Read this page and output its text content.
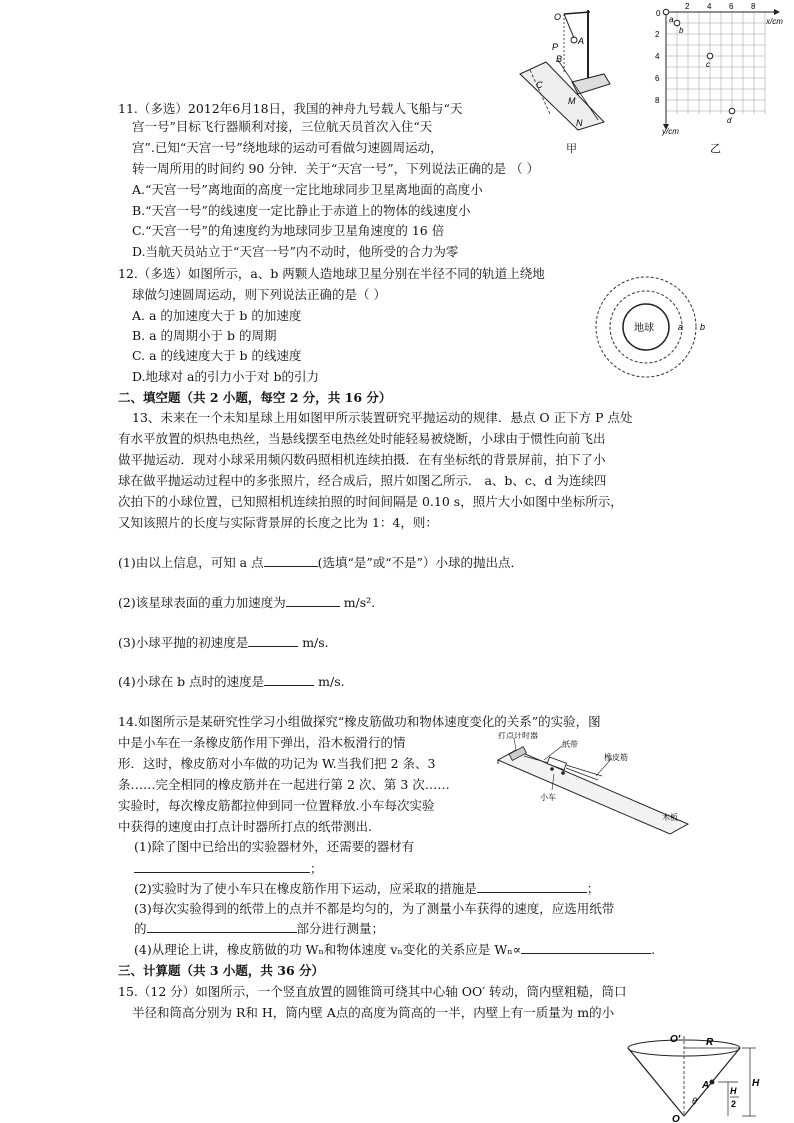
O
P
A
B
C
M
N
0
2 4 6 8
x/cm
2
4
6
8
y/cm
a
b
c
d
甲	乙
11.（多选）2012年6月18日，我国的神舟九号载人飞船与“天
宫一号”目标飞行器顺利对接，三位航天员首次入住“天
宫”.已知“天宫一号”绕地球的运动可看做匀速圆周运动，
转一周所用的时间约 90 分钟．关于“天宫一号”，下列说法正确的是 （ ）
A.“天宫一号”离地面的高度一定比地球同步卫星离地面的高度小
B.“天宫一号”的线速度一定比静止于赤道上的物体的线速度小
C.“天宫一号”的角速度约为地球同步卫星角速度的 16 倍
D.当航天员站立于“天宫一号”内不动时，他所受的合力为零
12.（多选）如图所示，a、b 两颗人造地球卫星分别在半径不同的轨道上绕地
球做匀速圆周运动，则下列说法正确的是（ ）
A. a 的加速度大于 b 的加速度
B. a 的周期小于 b 的周期
C. a 的线速度大于 b 的线速度
D.地球对 a的引力小于对 b的引力
地球	a b
二、填空题（共 2 小题，每空 2 分，共 16 分）
13、未来在一个未知星球上用如图甲所示装置研究平抛运动的规律．悬点 O 正下方 P 点处
有水平放置的炽热电热丝，当悬线摆至电热丝处时能轻易被烧断，小球由于惯性向前飞出
做平抛运动．现对小球采用频闪数码照相机连续拍摄．在有坐标纸的背景屏前，拍下了小
球在做平抛运动过程中的多张照片，经合成后，照片如图乙所示． a、b、c、d 为连续四
次拍下的小球位置，已知照相机连续拍照的时间间隔是 0.10 s，照片大小如图中坐标所示，
又知该照片的长度与实际背景屏的长度之比为 1：4，则：
(1)由以上信息，可知 a 点	(选填“是”或“不是”）小球的抛出点．
(2)该星球表面的重力加速度为	m/s².
(3)小球平抛的初速度是	m/s.
(4)小球在 b 点时的速度是	m/s.
14.如图所示是某研究性学习小组做探究“橡皮筋做功和物体速度变化的关系”的实验，图
中是小车在一条橡皮筋作用下弹出，沿木板滑行的情
形．这时，橡皮筋对小车做的功记为 W.当我们把 2 条、3
条……完全相同的橡皮筋并在一起进行第 2 次、第 3 次……
实验时，每次橡皮筋都拉伸到同一位置释放.小车每次实验
中获得的速度由打点计时器所打点的纸带测出.
打点计时器
纸带
橡皮筋
小车
木板
(1)除了图中已给出的实验器材外，还需要的器材有
；
(2)实验时为了使小车只在橡皮筋作用下运动，应采取的措施是	；
(3)每次实验得到的纸带上的点并不都是均匀的，为了测量小车获得的速度，应选用纸带
的	部分进行测量；
(4)从理论上讲，橡皮筋做的功 Wₙ和物体速度 vₙ变化的关系应是 Wₙ∝	.
三、计算题（共 3 小题，共 36 分）
15.（12 分）如图所示，一个竖直放置的圆锥筒可绕其中心轴 OO′ 转动，筒内壁粗糙，筒口
半径和筒高分别为 R和 H，筒内壁 A点的高度为筒高的一半，内壁上有一质量为 m的小
O′	R
H
A
θ
H
2
O
